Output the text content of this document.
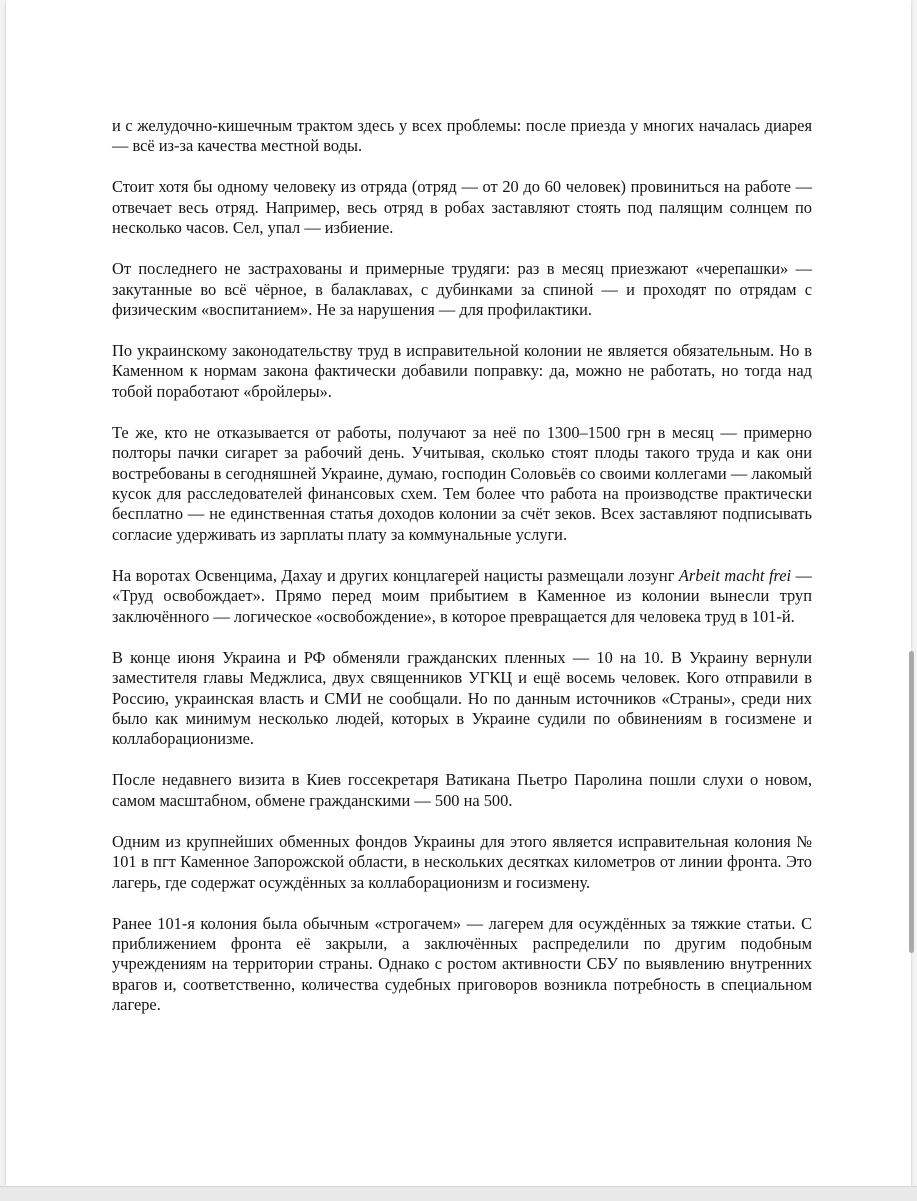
и с желудочно-кишечным трактом здесь у всех проблемы: после приезда у многих началась диарея — всё из-за качества местной воды.

Стоит хотя бы одному человеку из отряда (отряд — от 20 до 60 человек) провиниться на работе — отвечает весь отряд. Например, весь отряд в робах заставляют стоять под палящим солнцем по несколько часов. Сел, упал — избиение.

От последнего не застрахованы и примерные трудяги: раз в месяц приезжают «черепашки» — закутанные во всё чёрное, в балаклавах, с дубинками за спиной — и проходят по отрядам с физическим «воспитанием». Не за нарушения — для профилактики.

По украинскому законодательству труд в исправительной колонии не является обязательным. Но в Каменном к нормам закона фактически добавили поправку: да, можно не работать, но тогда над тобой поработают «бройлеры».

Те же, кто не отказывается от работы, получают за неё по 1300–1500 грн в месяц — примерно полторы пачки сигарет за рабочий день. Учитывая, сколько стоят плоды такого труда и как они востребованы в сегодняшней Украине, думаю, господин Соловьёв со своими коллегами — лакомый кусок для расследователей финансовых схем. Тем более что работа на производстве практически бесплатно — не единственная статья доходов колонии за счёт зеков. Всех заставляют подписывать согласие удерживать из зарплаты плату за коммунальные услуги.

На воротах Освенцима, Дахау и других концлагерей нацисты размещали лозунг Arbeit macht frei — «Труд освобождает». Прямо перед моим прибытием в Каменное из колонии вынесли труп заключённого — логическое «освобождение», в которое превращается для человека труд в 101-й.

В конце июня Украина и РФ обменяли гражданских пленных — 10 на 10. В Украину вернули заместителя главы Меджлиса, двух священников УГКЦ и ещё восемь человек. Кого отправили в Россию, украинская власть и СМИ не сообщали. Но по данным источников «Страны», среди них было как минимум несколько людей, которых в Украине судили по обвинениям в госизмене и коллаборационизме.

После недавнего визита в Киев госсекретаря Ватикана Пьетро Паролина пошли слухи о новом, самом масштабном, обмене гражданскими — 500 на 500.

Одним из крупнейших обменных фондов Украины для этого является исправительная колония № 101 в пгт Каменное Запорожской области, в нескольких десятках километров от линии фронта. Это лагерь, где содержат осуждённых за коллаборационизм и госизмену.

Ранее 101-я колония была обычным «строгачем» — лагерем для осуждённых за тяжкие статьи. С приближением фронта её закрыли, а заключённых распределили по другим подобным учреждениям на территории страны. Однако с ростом активности СБУ по выявлению внутренних врагов и, соответственно, количества судебных приговоров возникла потребность в специальном лагере.
